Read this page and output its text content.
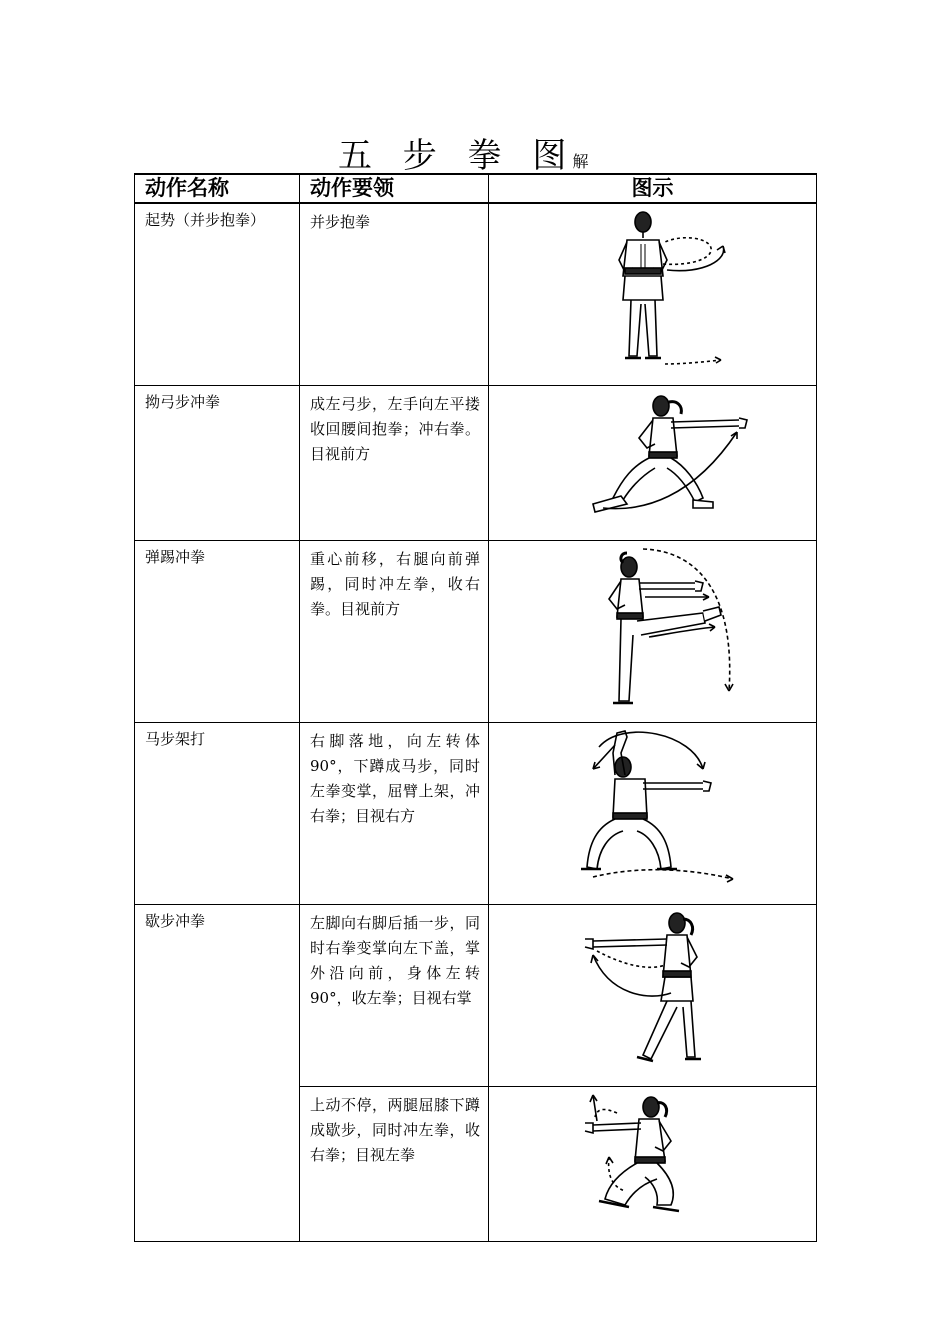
五 步 拳 图解
动作名称	动作要领	图示
起势（并步抱拳）	并步抱拳	

拗弓步冲拳	成左弓步，左手向左平搂收回腰间抱拳；冲右拳。目视前方	

弹踢冲拳	重心前移，右腿向前弹踢，同时冲左拳，收右拳。目视前方	

马步架打	右脚落地，向左转体90°，下蹲成马步，同时左拳变掌，屈臂上架，冲右拳；目视右方	

歇步冲拳	左脚向右脚后插一步，同时右拳变掌向左下盖，掌外沿向前，身体左转90°，收左拳；目视右掌	

	上动不停，两腿屈膝下蹲成歇步，同时冲左拳，收右拳；目视左拳	
